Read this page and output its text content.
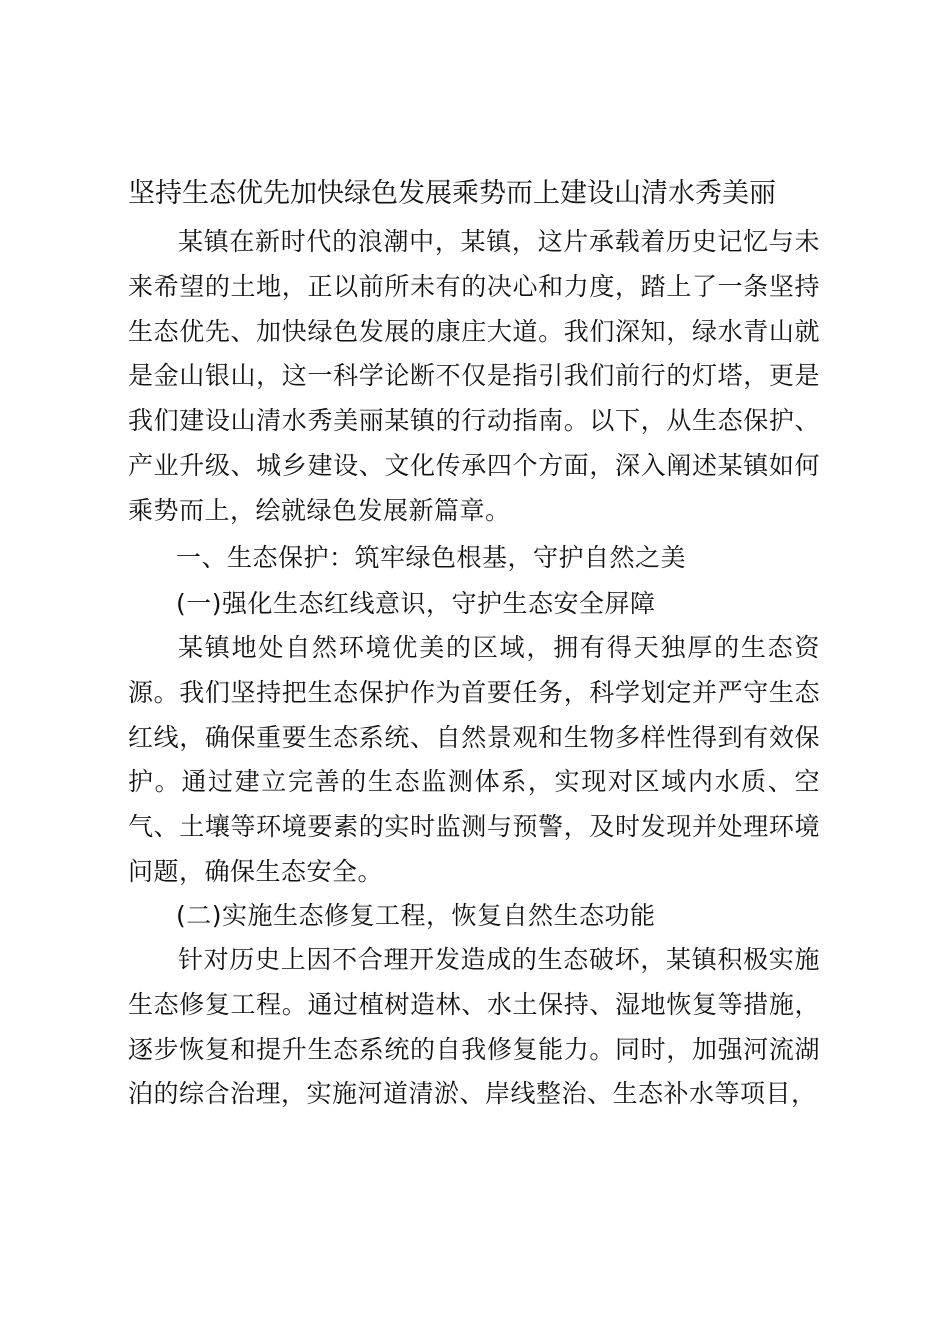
坚持生态优先加快绿色发展乘势而上建设山清水秀美丽

某镇在新时代的浪潮中，某镇，这片承载着历史记忆与未来希望的土地，正以前所未有的决心和力度，踏上了一条坚持生态优先、加快绿色发展的康庄大道。我们深知，绿水青山就是金山银山，这一科学论断不仅是指引我们前行的灯塔，更是我们建设山清水秀美丽某镇的行动指南。以下，从生态保护、产业升级、城乡建设、文化传承四个方面，深入阐述某镇如何乘势而上，绘就绿色发展新篇章。

一、生态保护：筑牢绿色根基，守护自然之美

(一)强化生态红线意识，守护生态安全屏障

某镇地处自然环境优美的区域，拥有得天独厚的生态资源。我们坚持把生态保护作为首要任务，科学划定并严守生态红线，确保重要生态系统、自然景观和生物多样性得到有效保护。通过建立完善的生态监测体系，实现对区域内水质、空气、土壤等环境要素的实时监测与预警，及时发现并处理环境问题，确保生态安全。

(二)实施生态修复工程，恢复自然生态功能

针对历史上因不合理开发造成的生态破坏，某镇积极实施生态修复工程。通过植树造林、水土保持、湿地恢复等措施，逐步恢复和提升生态系统的自我修复能力。同时，加强河流湖泊的综合治理，实施河道清淤、岸线整治、生态补水等项目，
